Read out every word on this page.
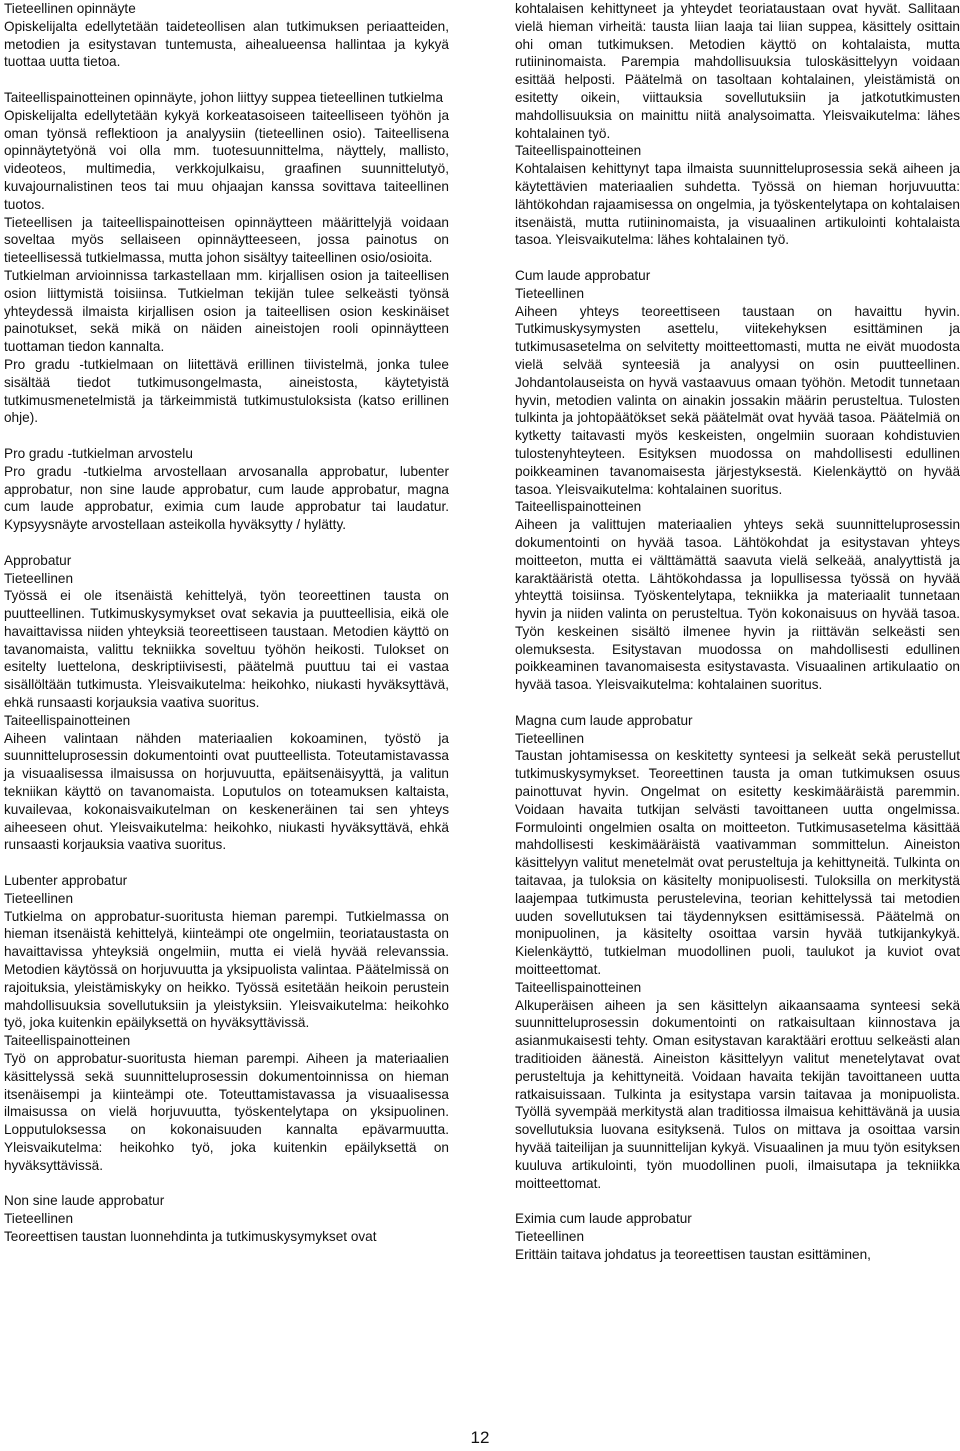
Tieteellinen opinnäyte
Opiskelijalta edellytetään taideteollisen alan tutkimuksen periaatteiden, metodien ja esitystavan tuntemusta, aihealueensa hallintaa ja kykyä tuottaa uutta tietoa.
Taiteellispainotteinen opinnäyte, johon liittyy suppea tieteellinen tutkielma
Opiskelijalta edellytetään kykyä korkeatasoiseen taiteelliseen työhön ja oman työnsä reflektioon ja analyysiin (tieteellinen osio). Taiteellisena opinnäytetyönä voi olla mm. tuotesuunnittelma, näyttely, mallisto, videoteos, multimedia, verkkojulkaisu, graafinen suunnittelutyö, kuvajournalistinen teos tai muu ohjaajan kanssa sovittava taiteellinen tuotos.
Tieteellisen ja taiteellispainotteisen opinnäytteen määrittelyjä voidaan soveltaa myös sellaiseen opinnäytteeseen, jossa painotus on tieteellisessä tutkielmassa, mutta johon sisältyy taiteellinen osio/osioita.
Tutkielman arvioinnissa tarkastellaan mm. kirjallisen osion ja taiteellisen osion liittymistä toisiinsa. Tutkielman tekijän tulee selkeästi työnsä yhteydessä ilmaista kirjallisen osion ja taiteellisen osion keskinäiset painotukset, sekä mikä on näiden aineistojen rooli opinnäytteen tuottaman tiedon kannalta.
Pro gradu -tutkielmaan on liitettävä erillinen tiivistelmä, jonka tulee sisältää tiedot tutkimusongelmasta, aineistosta, käytetyistä tutkimusmenetelmistä ja tärkeimmistä tutkimustuloksista (katso erillinen ohje).
Pro gradu -tutkielman arvostelu
Pro gradu -tutkielma arvostellaan arvosanalla approbatur, lubenter approbatur, non sine laude approbatur, cum laude approbatur, magna cum laude approbatur, eximia cum laude approbatur tai laudatur. Kypsyysnäyte arvostellaan asteikolla hyväksytty / hylätty.
Approbatur
Tieteellinen
Työssä ei ole itsenäistä kehittelyä, työn teoreettinen tausta on puutteellinen. Tutkimuskysymykset ovat sekavia ja puutteellisia, eikä ole havaittavissa niiden yhteyksiä teoreettiseen taustaan. Metodien käyttö on tavanomaista, valittu tekniikka soveltuu työhön heikosti. Tulokset on esitelty luettelona, deskriptiivisesti, päätelmä puuttuu tai ei vastaa sisällöltään tutkimusta. Yleisvaikutelma: heikohko, niukasti hyväksyttävä, ehkä runsaasti korjauksia vaativa suoritus.
Taiteellispainotteinen
Aiheen valintaan nähden materiaalien kokoaminen, työstö ja suunnitteluprosessin dokumentointi ovat puutteellista. Toteutamistavassa ja visuaalisessa ilmaisussa on horjuvuutta, epäitsenäisyyttä, ja valitun tekniikan käyttö on tavanomaista. Loputulos on toteamuksen kaltaista, kuvailevaa, kokonaisvaikutelman on keskeneräinen tai sen yhteys aiheeseen ohut. Yleisvaikutelma: heikohko, niukasti hyväksyttävä, ehkä runsaasti korjauksia vaativa suoritus.
Lubenter approbatur
Tieteellinen
Tutkielma on approbatur-suoritusta hieman parempi. Tutkielmassa on hieman itsenäistä kehittelyä, kiinteämpi ote ongelmiin, teoriataustasta on havaittavissa yhteyksiä ongelmiin, mutta ei vielä hyvää relevanssia. Metodien käytössä on horjuvuutta ja yksipuolista valintaa. Päätelmissä on rajoituksia, yleistämiskyky on heikko. Työssä esitetään heikoin perustein mahdollisuuksia sovellutuksiin ja yleistyksiin. Yleisvaikutelma: heikohko työ, joka kuitenkin epäilyksettä on hyväksyttävissä.
Taiteellispainotteinen
Työ on approbatur-suoritusta hieman parempi. Aiheen ja materiaalien käsittelyssä sekä suunnitteluprosessin dokumentoinnissa on hieman itsenäisempi ja kiinteämpi ote. Toteuttamistavassa ja visuaalisessa ilmaisussa on vielä horjuvuutta, työskentelytapa on yksipuolinen. Lopputuloksessa on kokonaisuuden kannalta epävarmuutta. Yleisvaikutelma: heikohko työ, joka kuitenkin epäilyksettä on hyväksyttävissä.
Non sine laude approbatur
Tieteellinen
Teoreettisen taustan luonnehdinta ja tutkimuskysymykset ovat
kohtalaisen kehittyneet ja yhteydet teoriataustaan ovat hyvät. Sallitaan vielä hieman virheitä: tausta liian laaja tai liian suppea, käsittely osittain ohi oman tutkimuksen. Metodien käyttö on kohtalaista, mutta rutiininomaista. Parempia mahdollisuuksia tuloskäsittelyyn voidaan esittää helposti. Päätelmä on tasoltaan kohtalainen, yleistämistä on esitetty oikein, viittauksia sovellutuksiin ja jatkotutkimusten mahdollisuuksia on mainittu niitä analysoimatta. Yleisvaikutelma: lähes kohtalainen työ.
Taiteellispainotteinen
Kohtalaisen kehittynyt tapa ilmaista suunnitteluprosessia sekä aiheen ja käytettävien materiaalien suhdetta. Työssä on hieman horjuvuutta: lähtökohdan rajaamisessa on ongelmia, ja työskentelytapa on kohtalaisen itsenäistä, mutta rutiininomaista, ja visuaalinen artikulointi kohtalaista tasoa. Yleisvaikutelma: lähes kohtalainen työ.
Cum laude approbatur
Tieteellinen
Aiheen yhteys teoreettiseen taustaan on havaittu hyvin. Tutkimuskysymysten asettelu, viitekehyksen esittäminen ja tutkimusasetelma on selvitetty moitteettomasti, mutta ne eivät muodosta vielä selvää synteesiä ja analyysi on osin puutteellinen. Johdantolauseista on hyvä vastaavuus omaan työhön. Metodit tunnetaan hyvin, metodien valinta on ainakin jossakin määrin perusteltua. Tulosten tulkinta ja johtopäätökset sekä päätelmät ovat hyvää tasoa. Päätelmiä on kytketty taitavasti myös keskeisten, ongelmiin suoraan kohdistuvien tulostenyhteyteen. Esityksen muodossa on mahdollisesti edullinen poikkeaminen tavanomaisesta järjestyksestä. Kielenkäyttö on hyvää tasoa. Yleisvaikutelma: kohtalainen suoritus.
Taiteellispainotteinen
Aiheen ja valittujen materiaalien yhteys sekä suunnitteluprosessin dokumentointi on hyvää tasoa. Lähtökohdat ja esitystavan yhteys moitteeton, mutta ei välttämättä saavuta vielä selkeää, analyyttistä ja karaktääristä otetta. Lähtökohdassa ja lopullisessa työssä on hyvää yhteyttä toisiinsa. Työskentelytapa, tekniikka ja materiaalit tunnetaan hyvin ja niiden valinta on perusteltua. Työn kokonaisuus on hyvää tasoa. Työn keskeinen sisältö ilmenee hyvin ja riittävän selkeästi sen olemuksesta. Esitystavan muodossa on mahdollisesti edullinen poikkeaminen tavanomaisesta esitystavasta. Visuaalinen artikulaatio on hyvää tasoa. Yleisvaikutelma: kohtalainen suoritus.
Magna cum laude approbatur
Tieteellinen
Taustan johtamisessa on keskitetty synteesi ja selkeät sekä perustellut tutkimuskysymykset. Teoreettinen tausta ja oman tutkimuksen osuus painottuvat hyvin. Ongelmat on esitetty keskimääräistä paremmin. Voidaan havaita tutkijan selvästi tavoittaneen uutta ongelmissa. Formulointi ongelmien osalta on moitteeton. Tutkimusasetelma käsittää mahdollisesti keskimääräistä vaativamman sommittelun. Aineiston käsittelyyn valitut menetelmät ovat perusteltuja ja kehittyneitä. Tulkinta on taitavaa, ja tuloksia on käsitelty monipuolisesti. Tuloksilla on merkitystä laajempaa tutkimusta perustelevina, teorian kehittelyssä tai metodien uuden sovellutuksen tai täydennyksen esittämisessä. Päätelmä on monipuolinen, ja käsitelty osoittaa varsin hyvää tutkijankykyä. Kielenkäyttö, tutkielman muodollinen puoli, taulukot ja kuviot ovat moitteettomat.
Taiteellispainotteinen
Alkuperäisen aiheen ja sen käsittelyn aikaansaama synteesi sekä suunnitteluprosessin dokumentointi on ratkaisultaan kiinnostava ja asianmukaisesti tehty. Oman esitystavan karaktääri erottuu selkeästi alan traditioiden äänestä. Aineiston käsittelyyn valitut menetelytavat ovat perusteltuja ja kehittyneitä. Voidaan havaita tekijän tavoittaneen uutta ratkaisuissaan. Tulkinta ja esitystapa varsin taitavaa ja monipuolista. Työllä syvempää merkitystä alan traditiossa ilmaisua kehittävänä ja uusia sovellutuksia luovana esityksenä. Tulos on mittava ja osoittaa varsin hyvää taiteilijan ja suunnittelijan kykyä. Visuaalinen ja muu työn esityksen kuuluva artikulointi, työn muodollinen puoli, ilmaisutapa ja tekniikka moitteettomat.
Eximia cum laude approbatur
Tieteellinen
Erittäin taitava johdatus ja teoreettisen taustan esittäminen,
12
